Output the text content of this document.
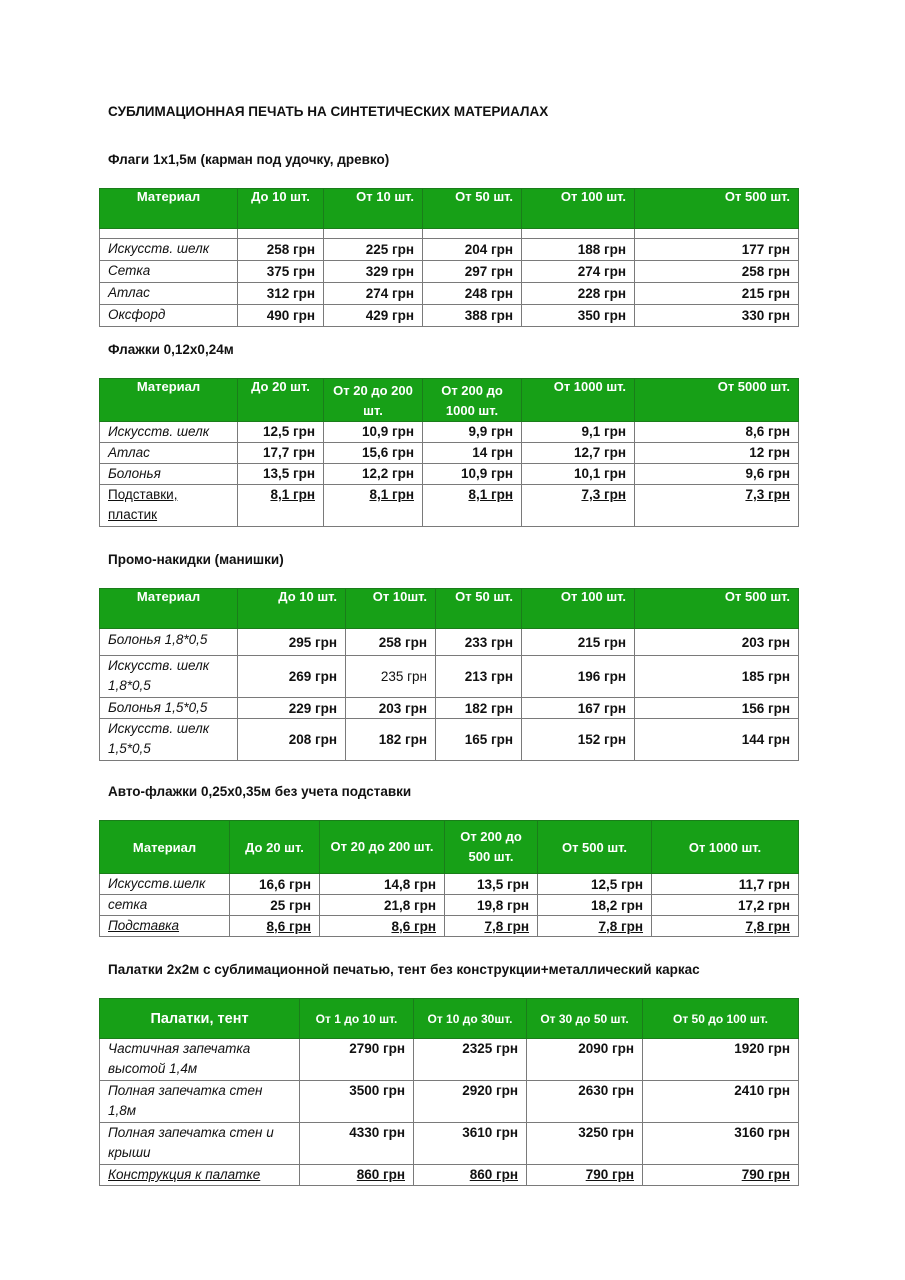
СУБЛИМАЦИОННАЯ ПЕЧАТЬ НА СИНТЕТИЧЕСКИХ МАТЕРИАЛАХ
Флаги 1х1,5м (карман под удочку, древко)
Материал	До 10 шт.	От 10 шт.	От 50 шт.	От 100 шт.	От 500 шт.

Искусств. шелк	258 грн	225 грн	204 грн	188 грн	177 грн
Сетка	375 грн	329 грн	297 грн	274 грн	258 грн
Атлас	312 грн	274 грн	248 грн	228 грн	215 грн
Оксфорд	490 грн	429 грн	388 грн	350 грн	330 грн
Флажки 0,12х0,24м
Материал	До 20 шт.	От 20 до 200 шт.	От 200 до 1000 шт.	От 1000 шт.	От 5000 шт.
Искусств. шелк	12,5 грн	10,9 грн	9,9 грн	9,1 грн	8,6 грн
Атлас	17,7 грн	15,6 грн	14 грн	12,7 грн	12 грн
Болонья	13,5 грн	12,2 грн	10,9 грн	10,1 грн	9,6 грн
Подставки, пластик	8,1 грн	8,1 грн	8,1 грн	7,3 грн	7,3 грн
Промо-накидки (манишки)
Материал	До 10 шт.	От 10шт.	От 50 шт.	От 100 шт.	От 500 шт.
Болонья 1,8*0,5	295 грн	258 грн	233 грн	215 грн	203 грн
Искусств. шелк 1,8*0,5	269 грн	235 грн	213 грн	196 грн	185 грн
Болонья 1,5*0,5	229 грн	203 грн	182 грн	167 грн	156 грн
Искусств. шелк 1,5*0,5	208 грн	182 грн	165 грн	152 грн	144 грн
Авто-флажки 0,25х0,35м без учета подставки
Материал	До 20 шт.	От 20 до 200 шт.	От 200 до 500 шт.	От 500 шт.	От 1000 шт.
Искусств.шелк	16,6 грн	14,8 грн	13,5 грн	12,5 грн	11,7 грн
сетка	25 грн	21,8 грн	19,8 грн	18,2 грн	17,2 грн
Подставка	8,6 грн	8,6 грн	7,8 грн	7,8 грн	7,8 грн
Палатки 2х2м с сублимационной печатью, тент без конструкции+металлический каркас
Палатки, тент	От 1 до 10 шт.	От 10 до 30шт.	От 30 до 50 шт.	От 50 до 100 шт.
Частичная запечатка высотой 1,4м	2790 грн	2325 грн	2090 грн	1920 грн
Полная запечатка стен 1,8м	3500 грн	2920 грн	2630 грн	2410 грн
Полная запечатка стен и крыши	4330 грн	3610 грн	3250 грн	3160 грн
Конструкция к палатке	860 грн	860 грн	790 грн	790 грн
